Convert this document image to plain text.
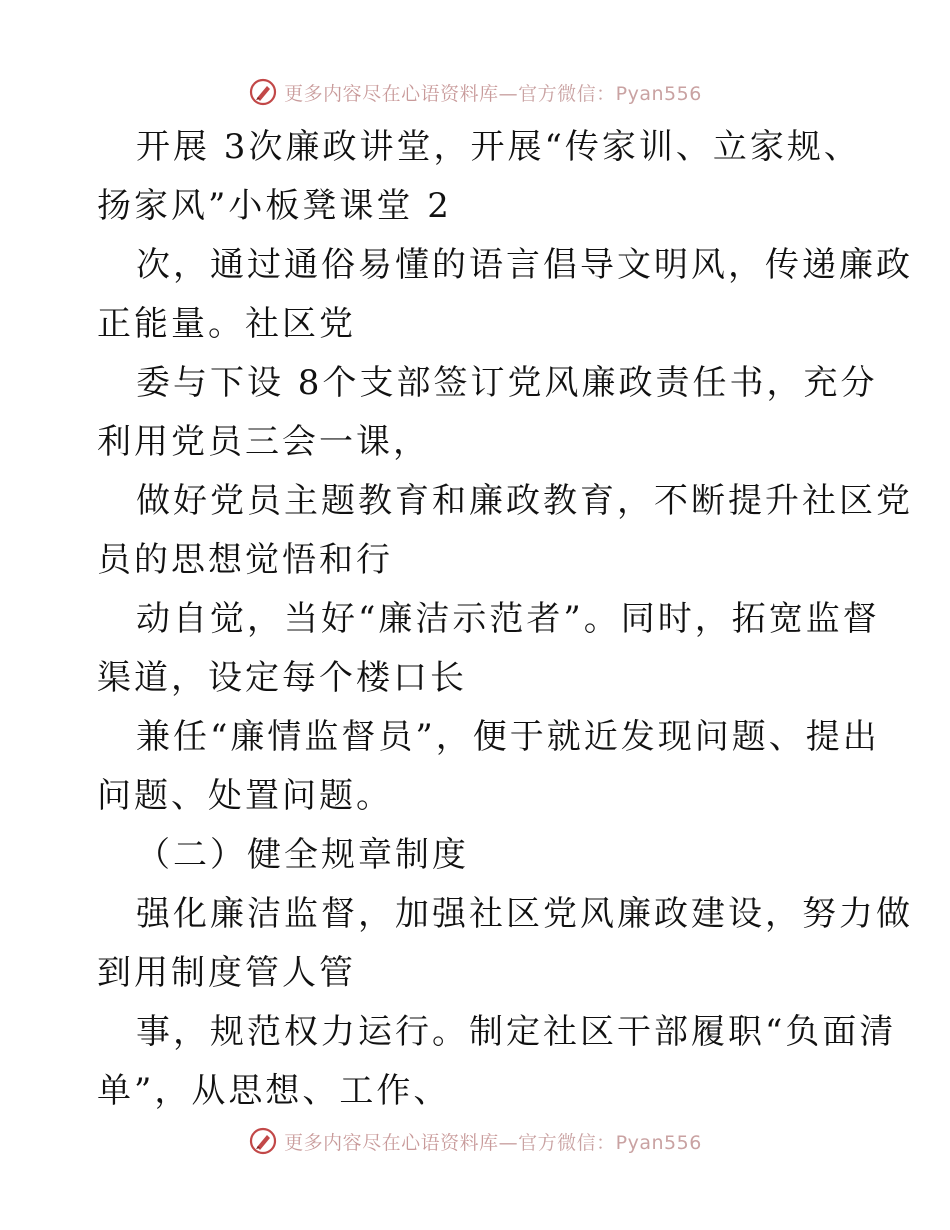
更多内容尽在心语资料库—官方微信：Pyan556
开展 3次廉政讲堂，开展“传家训、立家规、
扬家风”小板凳课堂 2
次，通过通俗易懂的语言倡导文明风，传递廉政
正能量。社区党
委与下设 8个支部签订党风廉政责任书，充分
利用党员三会一课，
做好党员主题教育和廉政教育，不断提升社区党
员的思想觉悟和行
动自觉，当好“廉洁示范者”。同时，拓宽监督
渠道，设定每个楼口长
兼任“廉情监督员”，便于就近发现问题、提出
问题、处置问题。
（二）健全规章制度
强化廉洁监督，加强社区党风廉政建设，努力做
到用制度管人管
事，规范权力运行。制定社区干部履职“负面清
单”，从思想、工作、
更多内容尽在心语资料库—官方微信：Pyan556
